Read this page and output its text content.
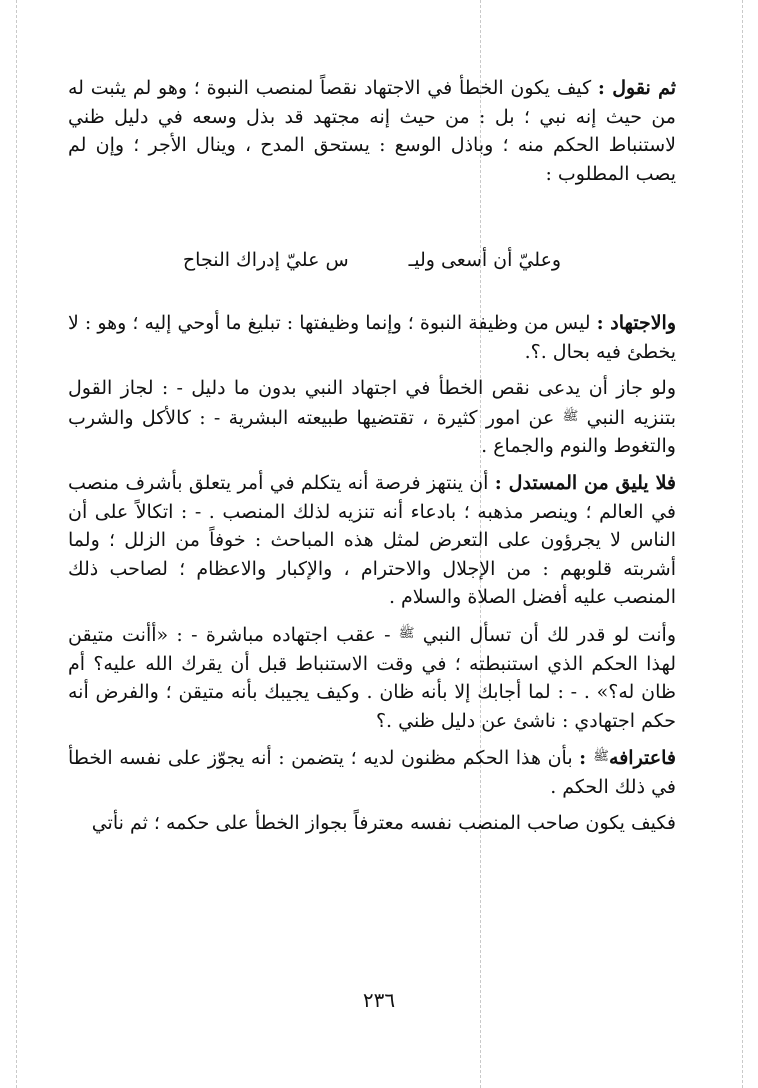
ثم نقول : كيف يكون الخطأ في الاجتهاد نقصاً لمنصب النبوة ؛ وهو لم يثبت له من حيث إنه نبي ؛ بل : من حيث إنه مجتهد قد بذل وسعه في دليل ظني لاستنباط الحكم منه ؛ وباذل الوسع : يستحق المدح ، وينال الأجر ؛ وإن لم يصب المطلوب :

وعليّ أن أسعى وليـس عليّ إدراك النجاح

والاجتهاد : ليس من وظيفة النبوة ؛ وإنما وظيفتها : تبليغ ما أوحي إليه ؛ وهو : لا يخطئ فيه بحال .؟.

ولو جاز أن يدعى نقص الخطأ في اجتهاد النبي بدون ما دليل - : لجاز القول بتنزيه النبي $^ﷺ$ عن امور كثيرة ، تقتضيها طبيعته البشرية - : كالأكل والشرب والتغوط والنوم والجماع .

فلا يليق من المستدل : أن ينتهز فرصة أنه يتكلم في أمر يتعلق بأشرف منصب في العالم ؛ وينصر مذهبه ؛ بادعاء أنه تنزيه لذلك المنصب . - : اتكالاً على أن الناس لا يجرؤون على التعرض لمثل هذه المباحث : خوفاً من الزلل ؛ ولما أشربته قلوبهم : من الإجلال والاحترام ، والإكبار والاعظام ؛ لصاحب ذلك المنصب عليه أفضل الصلاة والسلام .

وأنت لو قدر لك أن تسأل النبي $^ﷺ$ - عقب اجتهاده مباشرة - : «أأنت متيقن لهذا الحكم الذي استنبطته ؛ في وقت الاستنباط قبل أن يقرك الله عليه؟ أم ظان له؟» . - : لما أجابك إلا بأنه ظان . وكيف يجيبك بأنه متيقن ؛ والفرض أنه حكم اجتهادي : ناشئ عن دليل ظني .؟

فاعترافه$^ﷺ$ : بأن هذا الحكم مظنون لديه ؛ يتضمن : أنه يجوّز على نفسه الخطأ في ذلك الحكم .

فكيف يكون صاحب المنصب نفسه معترفاً بجواز الخطأ على حكمه ؛ ثم نأتي

٢٣٦
